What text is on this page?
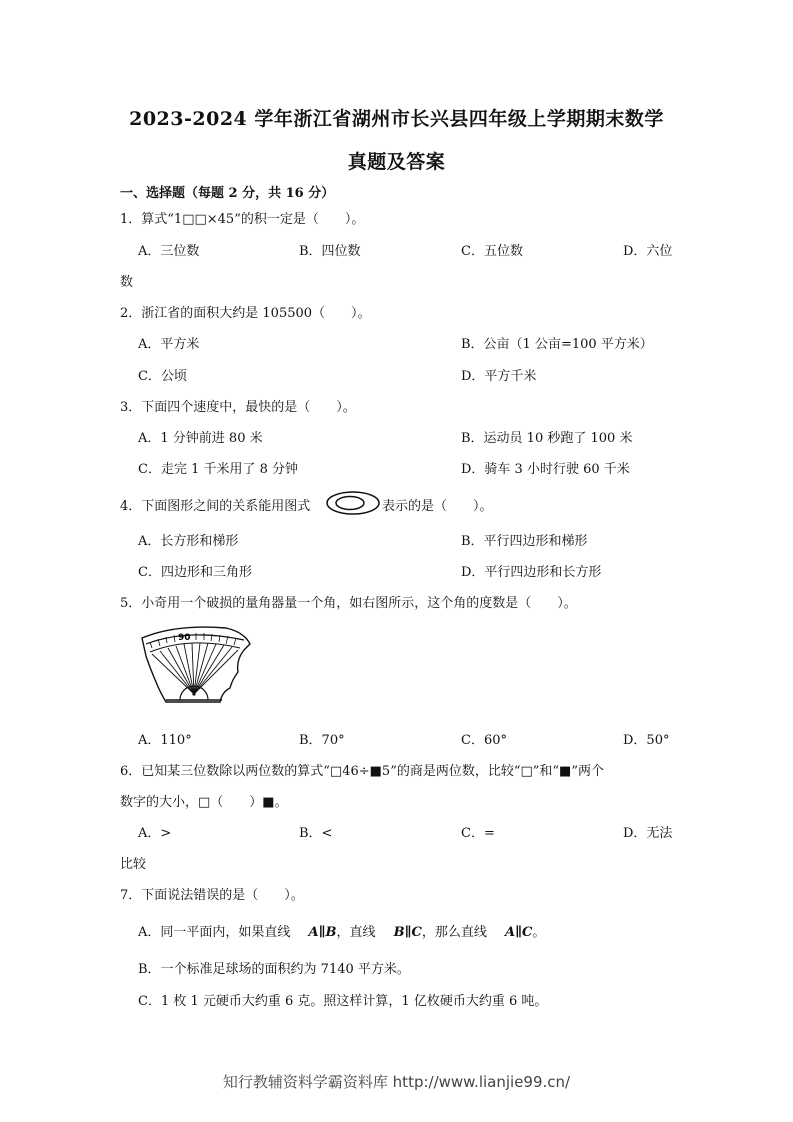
2023-2024 学年浙江省湖州市长兴县四年级上学期期末数学
真题及答案
一、选择题（每题 2 分，共 16 分）
1．算式“1□□×45”的积一定是（　　）。
A．三位数	B．四位数	C．五位数	D．六位
数
2．浙江省的面积大约是 105500（　　）。
A．平方米	B．公亩（1 公亩=100 平方米）
C．公顷	D．平方千米
3．下面四个速度中，最快的是（　　）。
A．1 分钟前进 80 米	B．运动员 10 秒跑了 100 米
C．走完 1 千米用了 8 分钟	D．骑车 3 小时行驶 60 千米
4．下面图形之间的关系能用图式	表示的是（　　）。
A．长方形和梯形	B．平行四边形和梯形
C．四边形和三角形	D．平行四边形和长方形
5．小奇用一个破损的量角器量一个角，如右图所示，这个角的度数是（　　）。
90
A．110°	B．70°	C．60°	D．50°
6．已知某三位数除以两位数的算式“□46÷■5”的商是两位数，比较“□”和“■”两个
数字的大小，□（　　）■。
A．>	B．<	C．=	D．无法
比较
7．下面说法错误的是（　　）。
A．同一平面内，如果直线 A∥B，直线 B∥C，那么直线 A∥C。
B．一个标准足球场的面积约为 7140 平方米。
C．1 枚 1 元硬币大约重 6 克。照这样计算，1 亿枚硬币大约重 6 吨。
知行教辅资料学霸资料库 http://www.lianjie99.cn/
